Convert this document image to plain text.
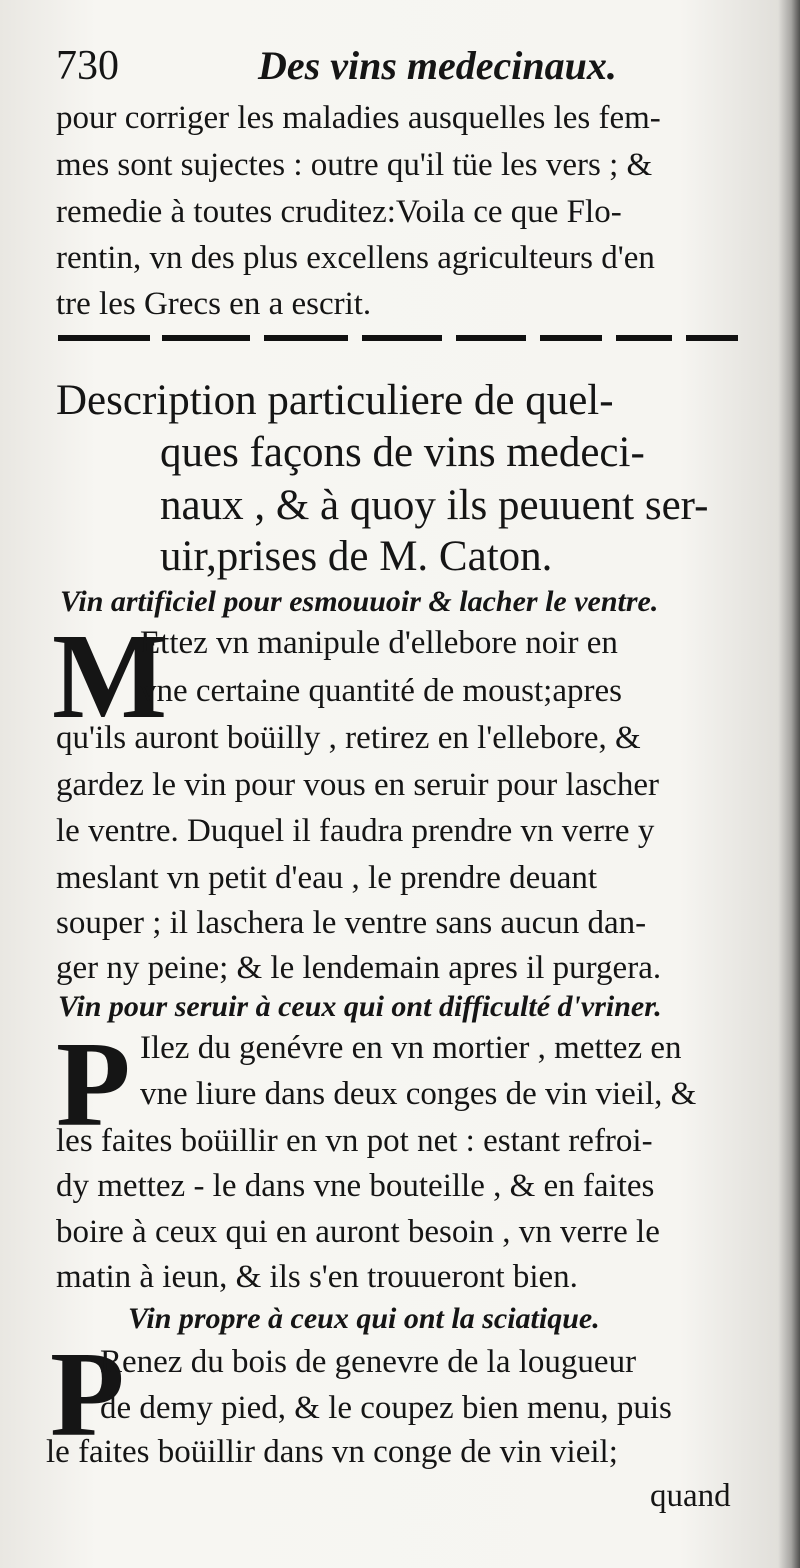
730	Des vins medecinaux.
pour corriger les maladies ausquelles les fem-
mes sont sujectes : outre qu'il tüe les vers ; &
remedie à toutes cruditez:Voila ce que Flo-
rentin, vn des plus excellens agriculteurs d'en
tre les Grecs en a escrit.
Description particuliere de quel-
ques façons de vins medeci-
naux , & à quoy ils peuuent ser-
uir,prises de M. Caton.
Vin artificiel pour esmouuoir & lacher le ventre.
M
Ettez vn manipule d'ellebore noir en
vne certaine quantité de moust;apres
qu'ils auront boüilly , retirez en l'ellebore, &
gardez le vin pour vous en seruir pour lascher
le ventre. Duquel il faudra prendre vn verre y
meslant vn petit d'eau , le prendre deuant
souper ; il laschera le ventre sans aucun dan-
ger ny peine; & le lendemain apres il purgera.
Vin pour seruir à ceux qui ont difficulté d'vriner.
P Ilez du genévre en vn mortier , mettez en
vne liure dans deux conges de vin vieil, &
les faites boüillir en vn pot net : estant refroi-
dy mettez - le dans vne bouteille , & en faites
boire à ceux qui en auront besoin , vn verre le
matin à ieun, & ils s'en trouueront bien.
Vin propre à ceux qui ont la sciatique.
P
Renez du bois de genevre de la lougueur
de demy pied, & le coupez bien menu, puis
le faites boüillir dans vn conge de vin vieil;
quand
